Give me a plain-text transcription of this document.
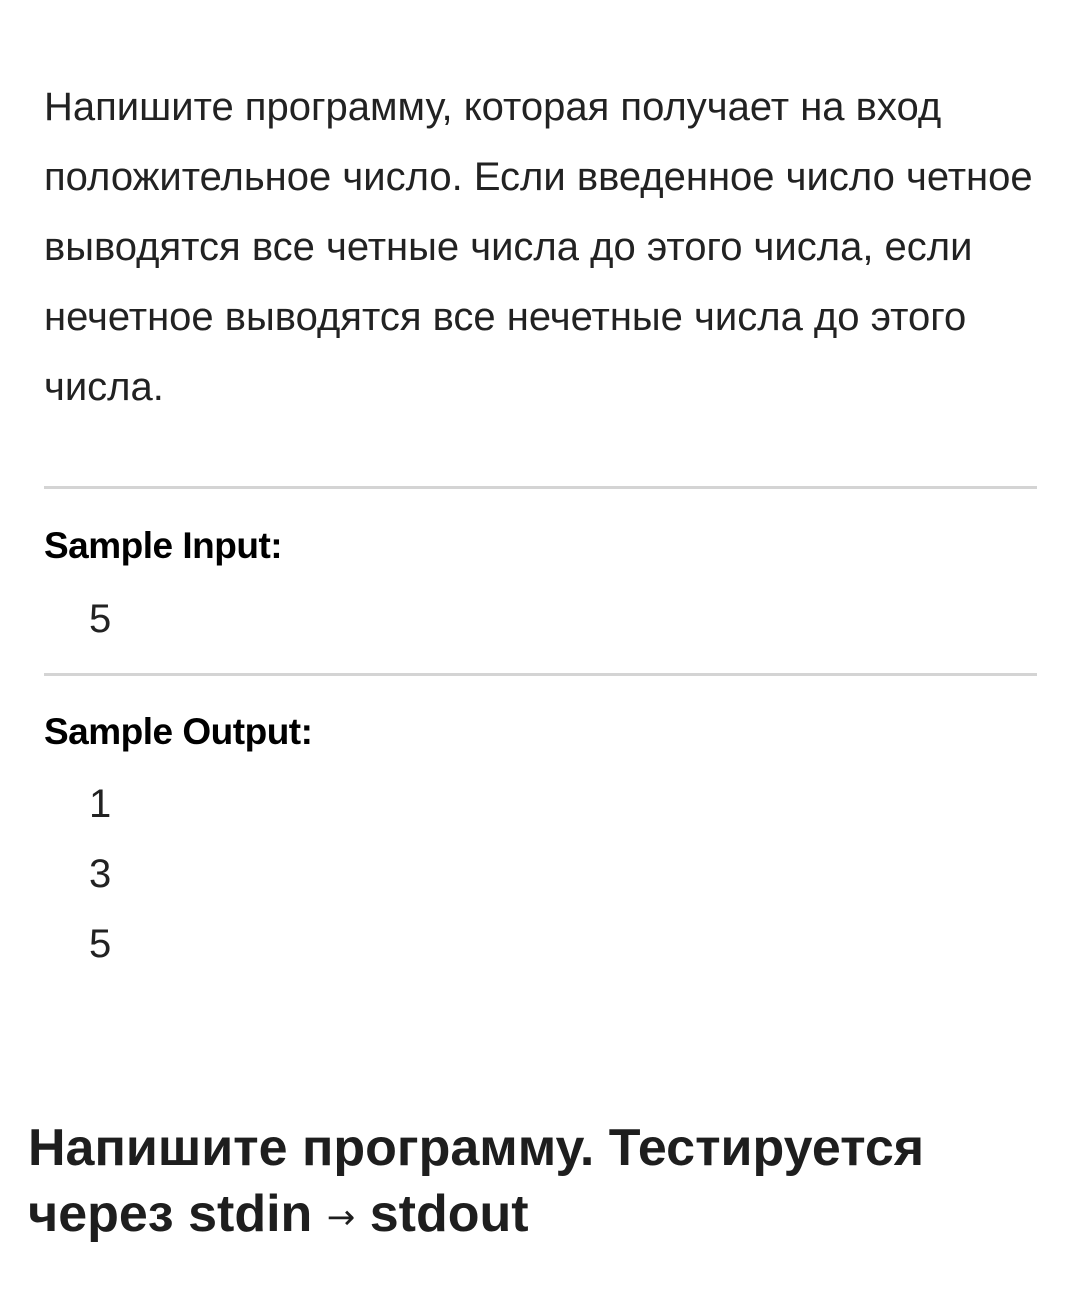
Напишите программу, которая получает на вход положительное число. Если введенное число четное выводятся все четные числа до этого числа, если нечетное выводятся все нечетные числа до этого числа.
Sample Input:
5
Sample Output:
1
3
5
Напишите программу. Тестируется через stdin → stdout
